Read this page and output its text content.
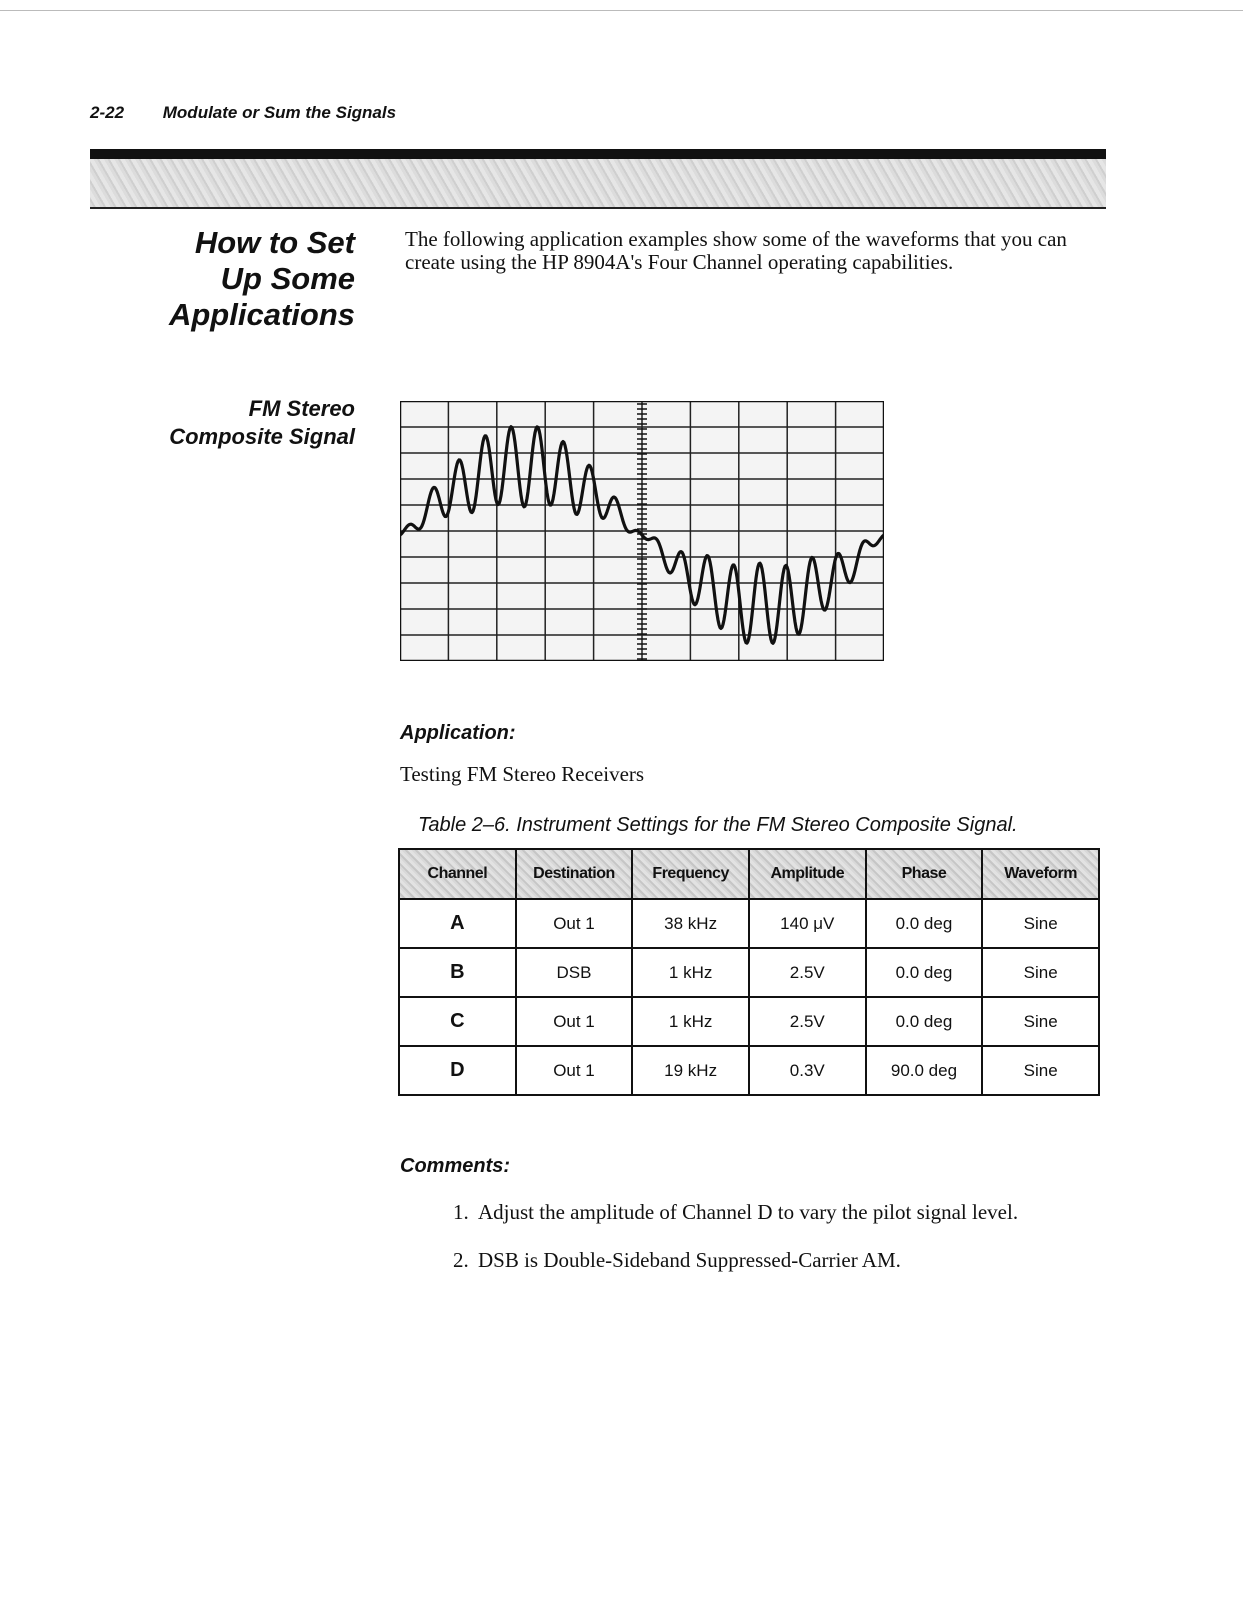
2-22 Modulate or Sum the Signals
How to Set
Up Some
Applications
The following application examples show some of the waveforms that you can create using the HP 8904A's Four Channel operating capabilities.
FM Stereo
Composite Signal
Application:
Testing FM Stereo Receivers
Table 2–6. Instrument Settings for the FM Stereo Composite Signal.
Channel	Destination	Frequency	Amplitude	Phase	Waveform
A	Out 1	38 kHz	140 μV	0.0 deg	Sine
B	DSB	1 kHz	2.5V	0.0 deg	Sine
C	Out 1	1 kHz	2.5V	0.0 deg	Sine
D	Out 1	19 kHz	0.3V	90.0 deg	Sine
Comments:
1. Adjust the amplitude of Channel D to vary the pilot signal level.
2. DSB is Double-Sideband Suppressed-Carrier AM.
